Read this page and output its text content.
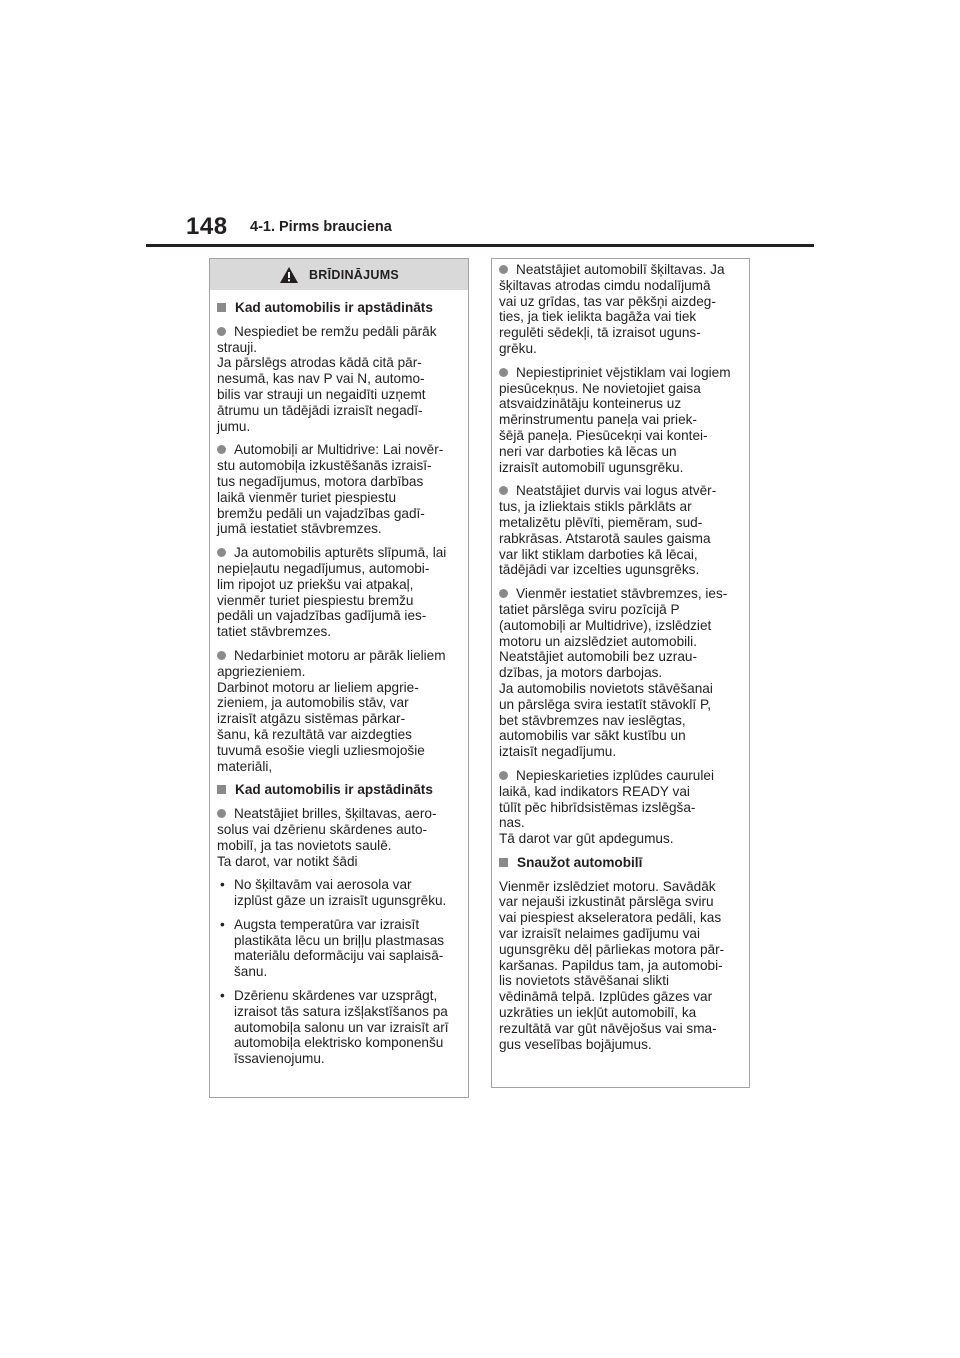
148 4-1. Pirms brauciena
BRĪDINĀJUMS
Kad automobilis ir apstādināts
Nespiediet be remžu pedāli pārāk
strauji.
Ja pārslēgs atrodas kādā citā pār-
nesumā, kas nav P vai N, automo-
bilis var strauji un negaidīti uzņemt
ātrumu un tādējādi izraisīt negadī-
jumu.
Automobiļi ar Multidrive: Lai novēr-
stu automobiļa izkustēšanās izraisī-
tus negadījumus, motora darbības
laikā vienmēr turiet piespiestu
bremžu pedāli un vajadzības gadī-
jumā iestatiet stāvbremzes.
Ja automobilis apturēts slīpumā, lai
nepieļautu negadījumus, automobi-
lim ripojot uz priekšu vai atpakaļ,
vienmēr turiet piespiestu bremžu
pedāli un vajadzības gadījumā ies-
tatiet stāvbremzes.
Nedarbiniet motoru ar pārāk lieliem
apgriezieniem.
Darbinot motoru ar lieliem apgrie-
zieniem, ja automobilis stāv, var
izraisīt atgāzu sistēmas pārkar-
šanu, kā rezultātā var aizdegties
tuvumā esošie viegli uzliesmojošie
materiāli,
Kad automobilis ir apstādināts
Neatstājiet brilles, šķiltavas, aero-
solus vai dzērienu skārdenes auto-
mobilī, ja tas novietots saulē.
Ta darot, var notikt šādi
• No šķiltavām vai aerosola var
izplūst gāze un izraisīt ugunsgrēku.
• Augsta temperatūra var izraisīt
plastikāta lēcu un briļļu plastmasas
materiālu deformāciju vai saplaisā-
šanu.
• Dzērienu skārdenes var uzsprāgt,
izraisot tās satura izšļakstīšanos pa
automobiļa salonu un var izraisīt arī
automobiļa elektrisko komponenšu
īssavienojumu.
Neatstājiet automobilī šķiltavas. Ja
šķiltavas atrodas cimdu nodalījumā
vai uz grīdas, tas var pēkšņi aizdeg-
ties, ja tiek ielikta bagāža vai tiek
regulēti sēdekļi, tā izraisot uguns-
grēku.
Nepiestipriniet vējstiklam vai logiem
piesūcekņus. Ne novietojiet gaisa
atsvaidzinātāju konteinerus uz
mērinstrumentu paneļa vai priek-
šējā paneļa. Piesūcekņi vai kontei-
neri var darboties kā lēcas un
izraisīt automobilī ugunsgrēku.
Neatstājiet durvis vai logus atvēr-
tus, ja izliektais stikls pārklāts ar
metalizētu plēvīti, piemēram, sud-
rabkrāsas. Atstarotā saules gaisma
var likt stiklam darboties kā lēcai,
tādējādi var izcelties ugunsgrēks.
Vienmēr iestatiet stāvbremzes, ies-
tatiet pārslēga sviru pozīcijā P
(automobiļi ar Multidrive), izslēdziet
motoru un aizslēdziet automobili.
Neatstājiet automobili bez uzrau-
dzības, ja motors darbojas.
Ja automobilis novietots stāvēšanai
un pārslēga svira iestatīt stāvoklī P,
bet stāvbremzes nav ieslēgtas,
automobilis var sākt kustību un
iztaisīt negadījumu.
Nepieskarieties izplūdes caurulei
laikā, kad indikators READY vai
tūlīt pēc hibrīdsistēmas izslēgša-
nas.
Tā darot var gūt apdegumus.
Snaužot automobilī
Vienmēr izslēdziet motoru. Savādāk
var nejauši izkustināt pārslēga sviru
vai piespiest akseleratora pedāli, kas
var izraisīt nelaimes gadījumu vai
ugunsgrēku dēļ pārliekas motora pār-
karšanas. Papildus tam, ja automobi-
lis novietots stāvēšanai slikti
vēdināmā telpā. Izplūdes gāzes var
uzkrāties un iekļūt automobilī, ka
rezultātā var gūt nāvējošus vai sma-
gus veselības bojājumus.
